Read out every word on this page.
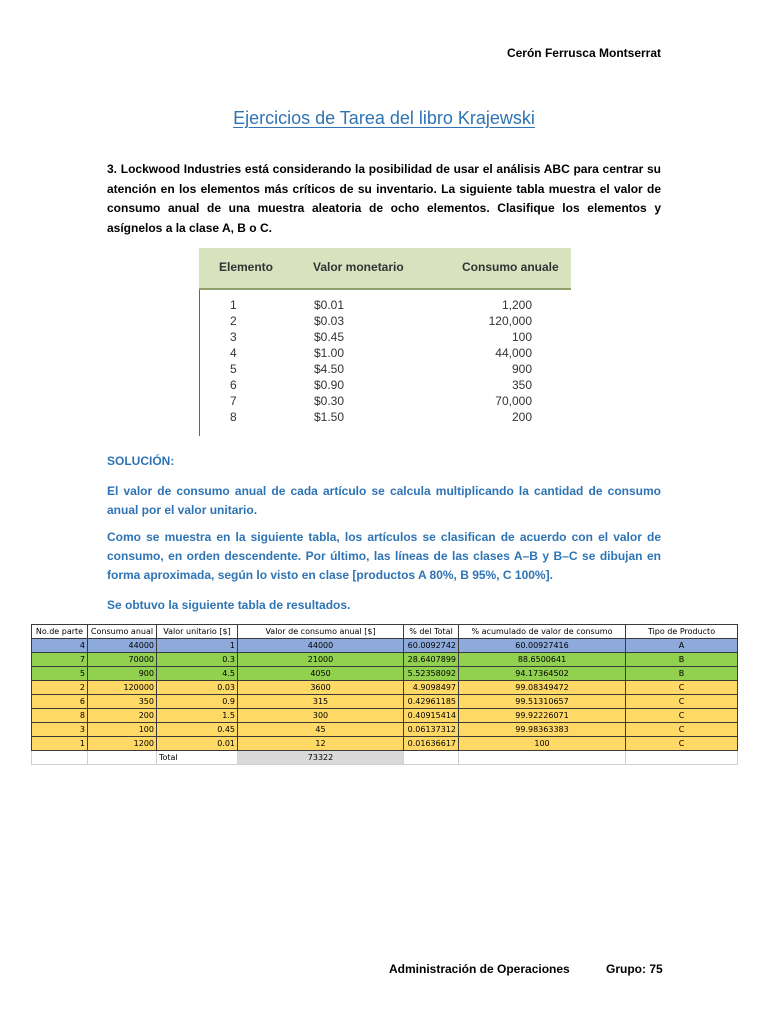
Cerón Ferrusca Montserrat
Ejercicios de Tarea del libro Krajewski
3. Lockwood Industries está considerando la posibilidad de usar el análisis ABC para centrar su atención en los elementos más críticos de su inventario. La siguiente tabla muestra el valor de consumo anual de una muestra aleatoria de ocho elementos. Clasifique los elementos y asígnelos a la clase A, B o C.
Elemento	Valor monetario	Consumo anuale
1	$0.01	1,200
2	$0.03	120,000
3	$0.45	100
4	$1.00	44,000
5	$4.50	900
6	$0.90	350
7	$0.30	70,000
8	$1.50	200
SOLUCIÓN:
El valor de consumo anual de cada artículo se calcula multiplicando la cantidad de consumo anual por el valor unitario.
Como se muestra en la siguiente tabla, los artículos se clasifican de acuerdo con el valor de consumo, en orden descendente. Por último, las líneas de las clases A–B y B–C se dibujan en forma aproximada, según lo visto en clase [productos A 80%, B 95%, C 100%].
Se obtuvo la siguiente tabla de resultados.
No.de parte	Consumo anual	Valor unitario [$]	Valor de consumo anual [$]	% del Total	% acumulado de valor de consumo	Tipo de Producto
4	44000	1	44000	60.0092742	60.00927416	A
7	70000	0.3	21000	28.6407899	88.6500641	B
5	900	4.5	4050	5.52358092	94.17364502	B
2	120000	0.03	3600	4.9098497	99.08349472	C
6	350	0.9	315	0.42961185	99.51310657	C
8	200	1.5	300	0.40915414	99.92226071	C
3	100	0.45	45	0.06137312	99.98363383	C
1	1200	0.01	12	0.01636617	100	C
		Total	73322			
Administración de Operaciones	Grupo: 75
